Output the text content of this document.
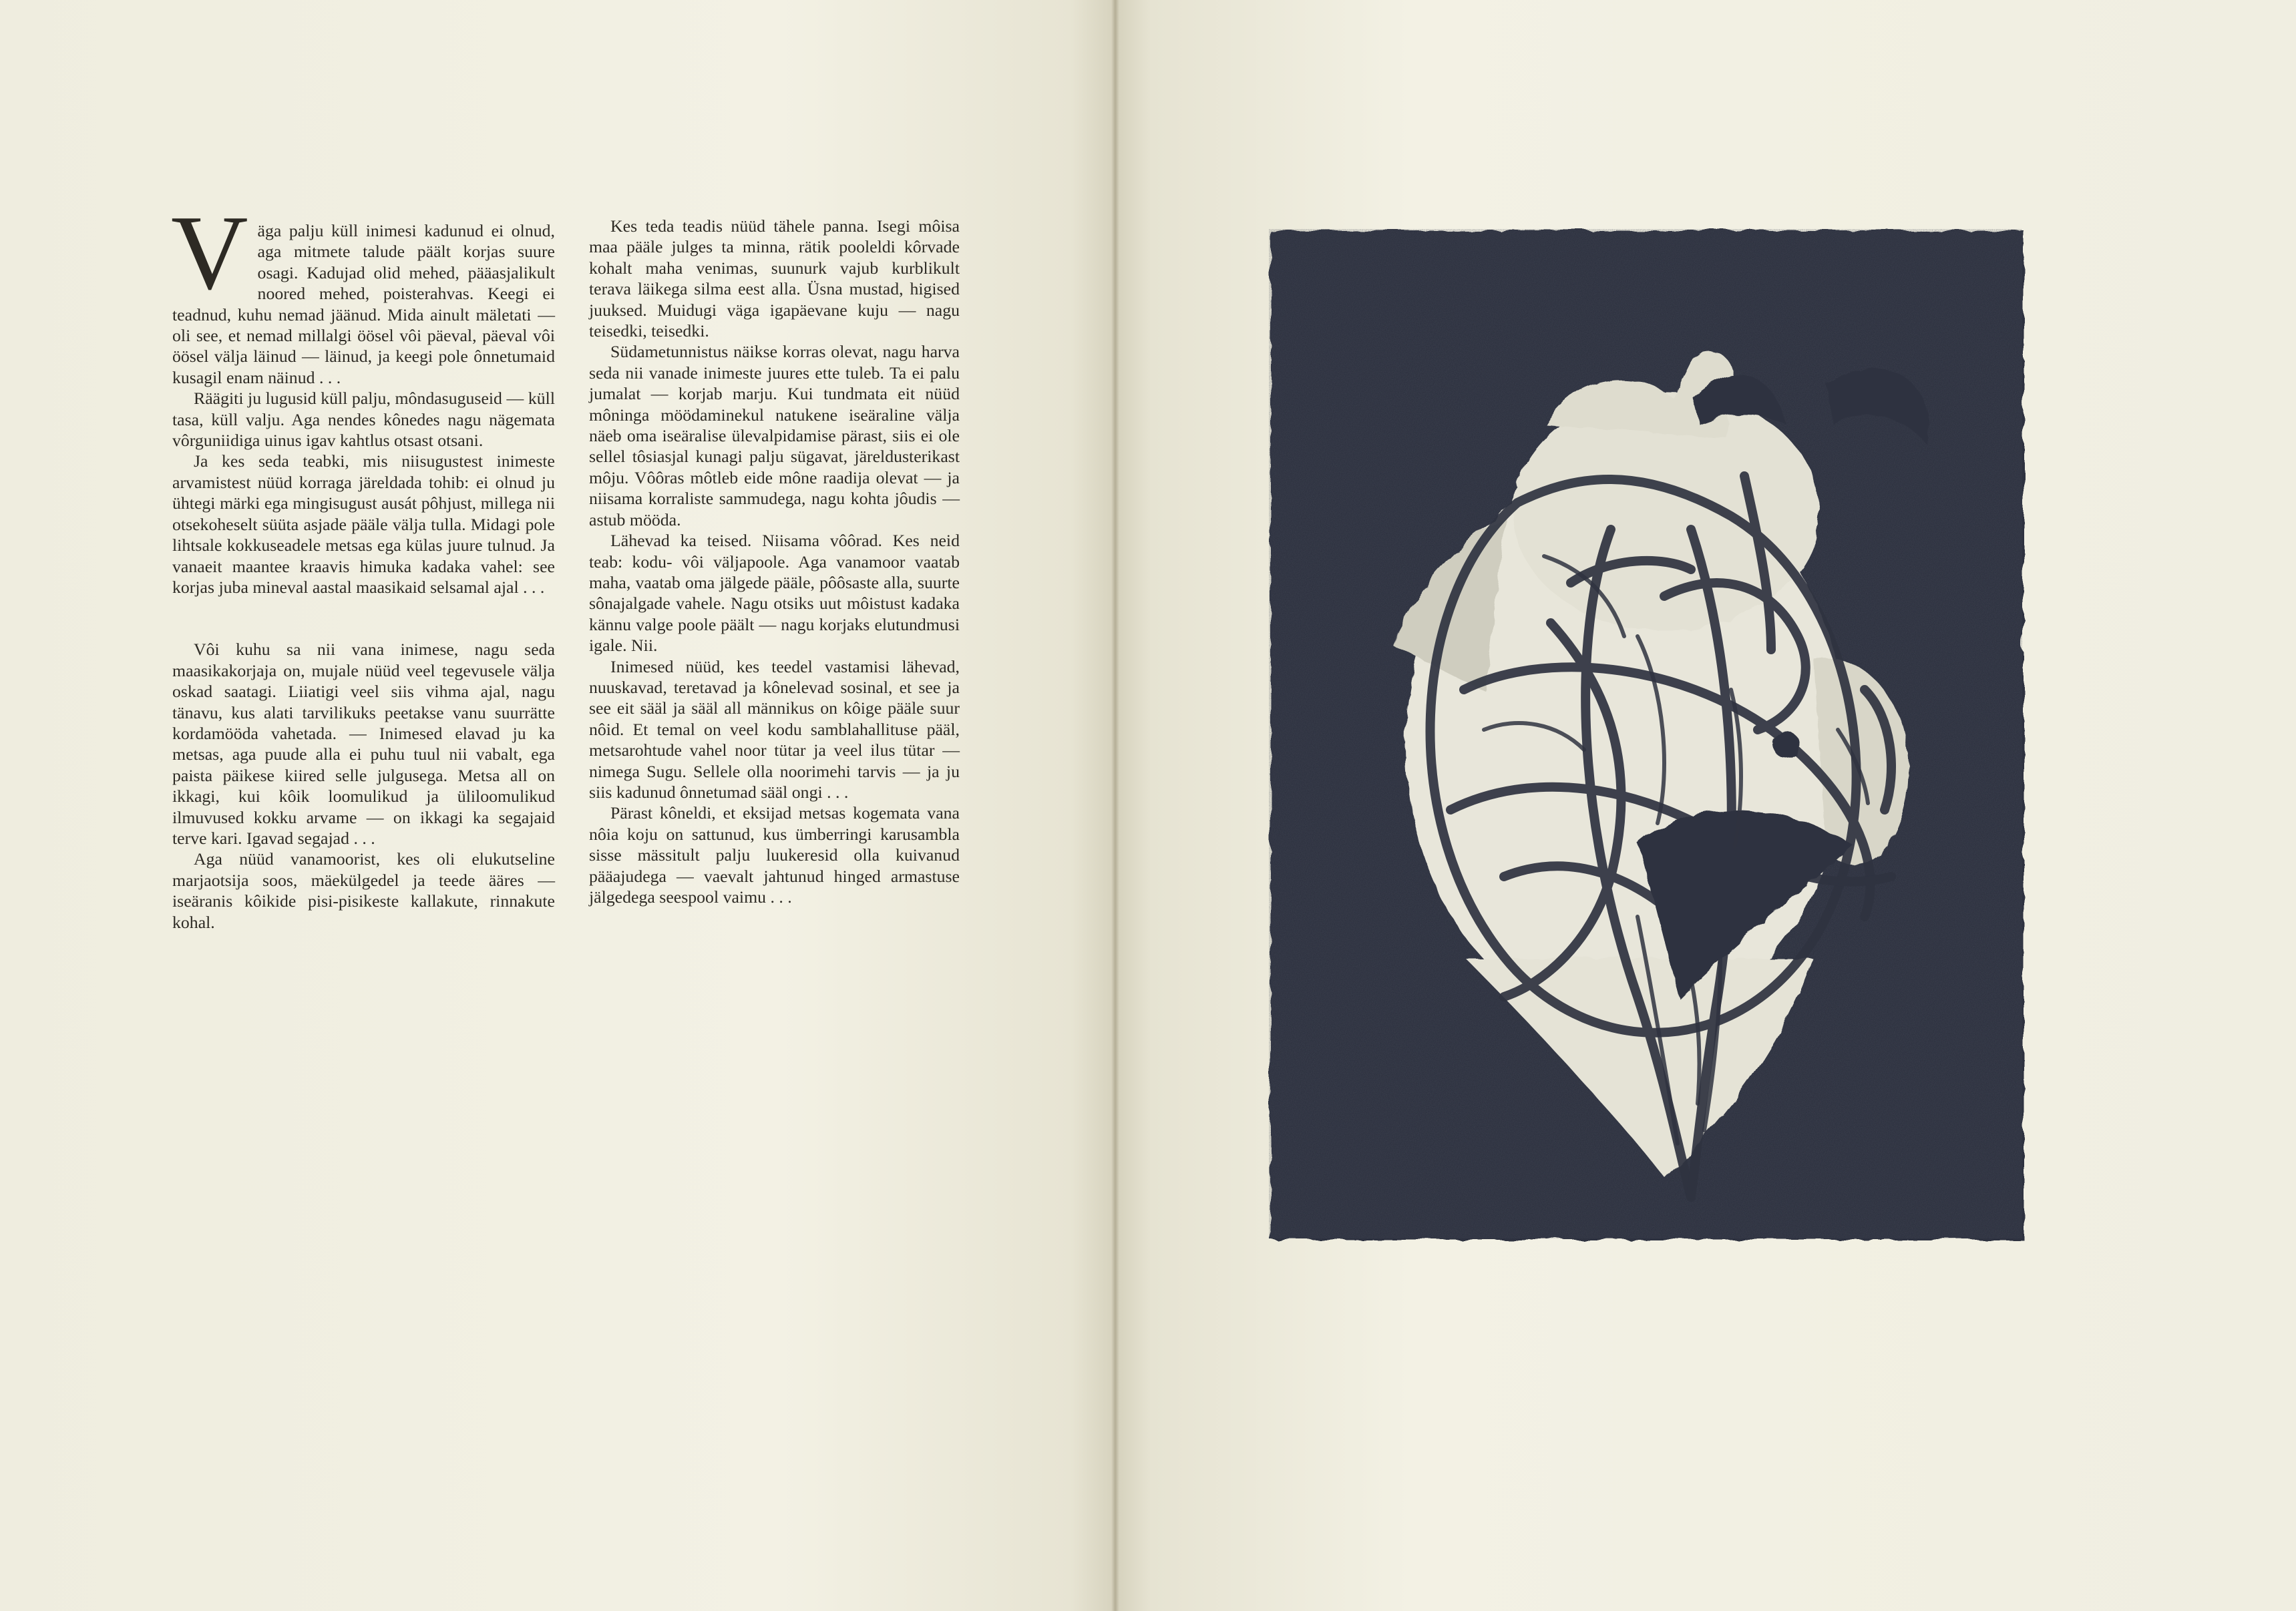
Väga palju küll inimesi kadunud ei olnud, aga mitmete talude päält korjas suure osagi. Kadujad olid mehed, pääasjalikult noored mehed, poisterahvas. Keegi ei teadnud, kuhu nemad jäänud. Mida ainult mäletati — oli see, et nemad millalgi öösel vôi päeval, päeval vôi öösel välja läinud — läinud, ja keegi pole ônnetumaid kusagil enam näinud . . .

Räägiti ju lugusid küll palju, môndasuguseid — küll tasa, küll valju. Aga nendes kônedes nagu nägemata vôrguniidiga uinus igav kahtlus otsast otsani.

Ja kes seda teabki, mis niisugustest inimeste arvamistest nüüd korraga järeldada tohib: ei olnud ju ühtegi märki ega mingisugust ausát pôhjust, millega nii otsekoheselt süüta asjade pääle välja tulla. Midagi pole lihtsale kokkuseadele metsas ega külas juure tulnud. Ja vanaeit maantee kraavis himuka kadaka vahel: see korjas juba mineval aastal maasikaid selsamal ajal . . .

Vôi kuhu sa nii vana inimese, nagu seda maasikakorjaja on, mujale nüüd veel tegevusele välja oskad saatagi. Liiatigi veel siis vihma ajal, nagu tänavu, kus alati tarvilikuks peetakse vanu suurrätte kordamööda vahetada. — Inimesed elavad ju ka metsas, aga puude alla ei puhu tuul nii vabalt, ega paista päikese kiired selle julgusega. Metsa all on ikkagi, kui kôik loomulikud ja üliloomulikud ilmuvused kokku arvame — on ikkagi ka segajaid terve kari. Igavad segajad . . .

Aga nüüd vanamoorist, kes oli elukutseline marjaotsija soos, mäekülgedel ja teede ääres — iseäranis kôikide pisi-pisikeste kallakute, rinnakute kohal.

Kes teda teadis nüüd tähele panna. Isegi môisa maa pääle julges ta minna, rätik pooleldi kôrvade kohalt maha venimas, suunurk vajub kurblikult terava läikega silma eest alla. Üsna mustad, higised juuksed. Muidugi väga igapäevane kuju — nagu teisedki, teisedki.

Südametunnistus näikse korras olevat, nagu harva seda nii vanade inimeste juures ette tuleb. Ta ei palu jumalat — korjab marju. Kui tundmata eit nüüd môninga möödaminekul natukene iseäraline välja näeb oma iseäralise ülevalpidamise pärast, siis ei ole sellel tôsiasjal kunagi palju sügavat, järeldusterikast môju. Vôôras môtleb eide mône raadija olevat — ja niisama korraliste sammudega, nagu kohta jôudis — astub mööda.

Lähevad ka teised. Niisama vôôrad. Kes neid teab: kodu- vôi väljapoole. Aga vanamoor vaatab maha, vaatab oma jälgede pääle, pôôsaste alla, suurte sônajalgade vahele. Nagu otsiks uut môistust kadaka kännu valge poole päält — nagu korjaks elutundmusi igale. Nii.

Inimesed nüüd, kes teedel vastamisi lähevad, nuuskavad, teretavad ja kônelevad sosinal, et see ja see eit sääl ja sääl all männikus on kôige pääle suur nôid. Et temal on veel kodu samblahallituse pääl, metsarohtude vahel noor tütar ja veel ilus tütar — nimega Sugu. Sellele olla noorimehi tarvis — ja ju siis kadunud ônnetumad sääl ongi . . .

Pärast kôneldi, et eksijad metsas kogemata vana nôia koju on sattunud, kus ümberringi karusambla sisse mässitult palju luukeresid olla kuivanud pääajudega — vaevalt jahtunud hinged armastuse jälgedega seespool vaimu . . .
